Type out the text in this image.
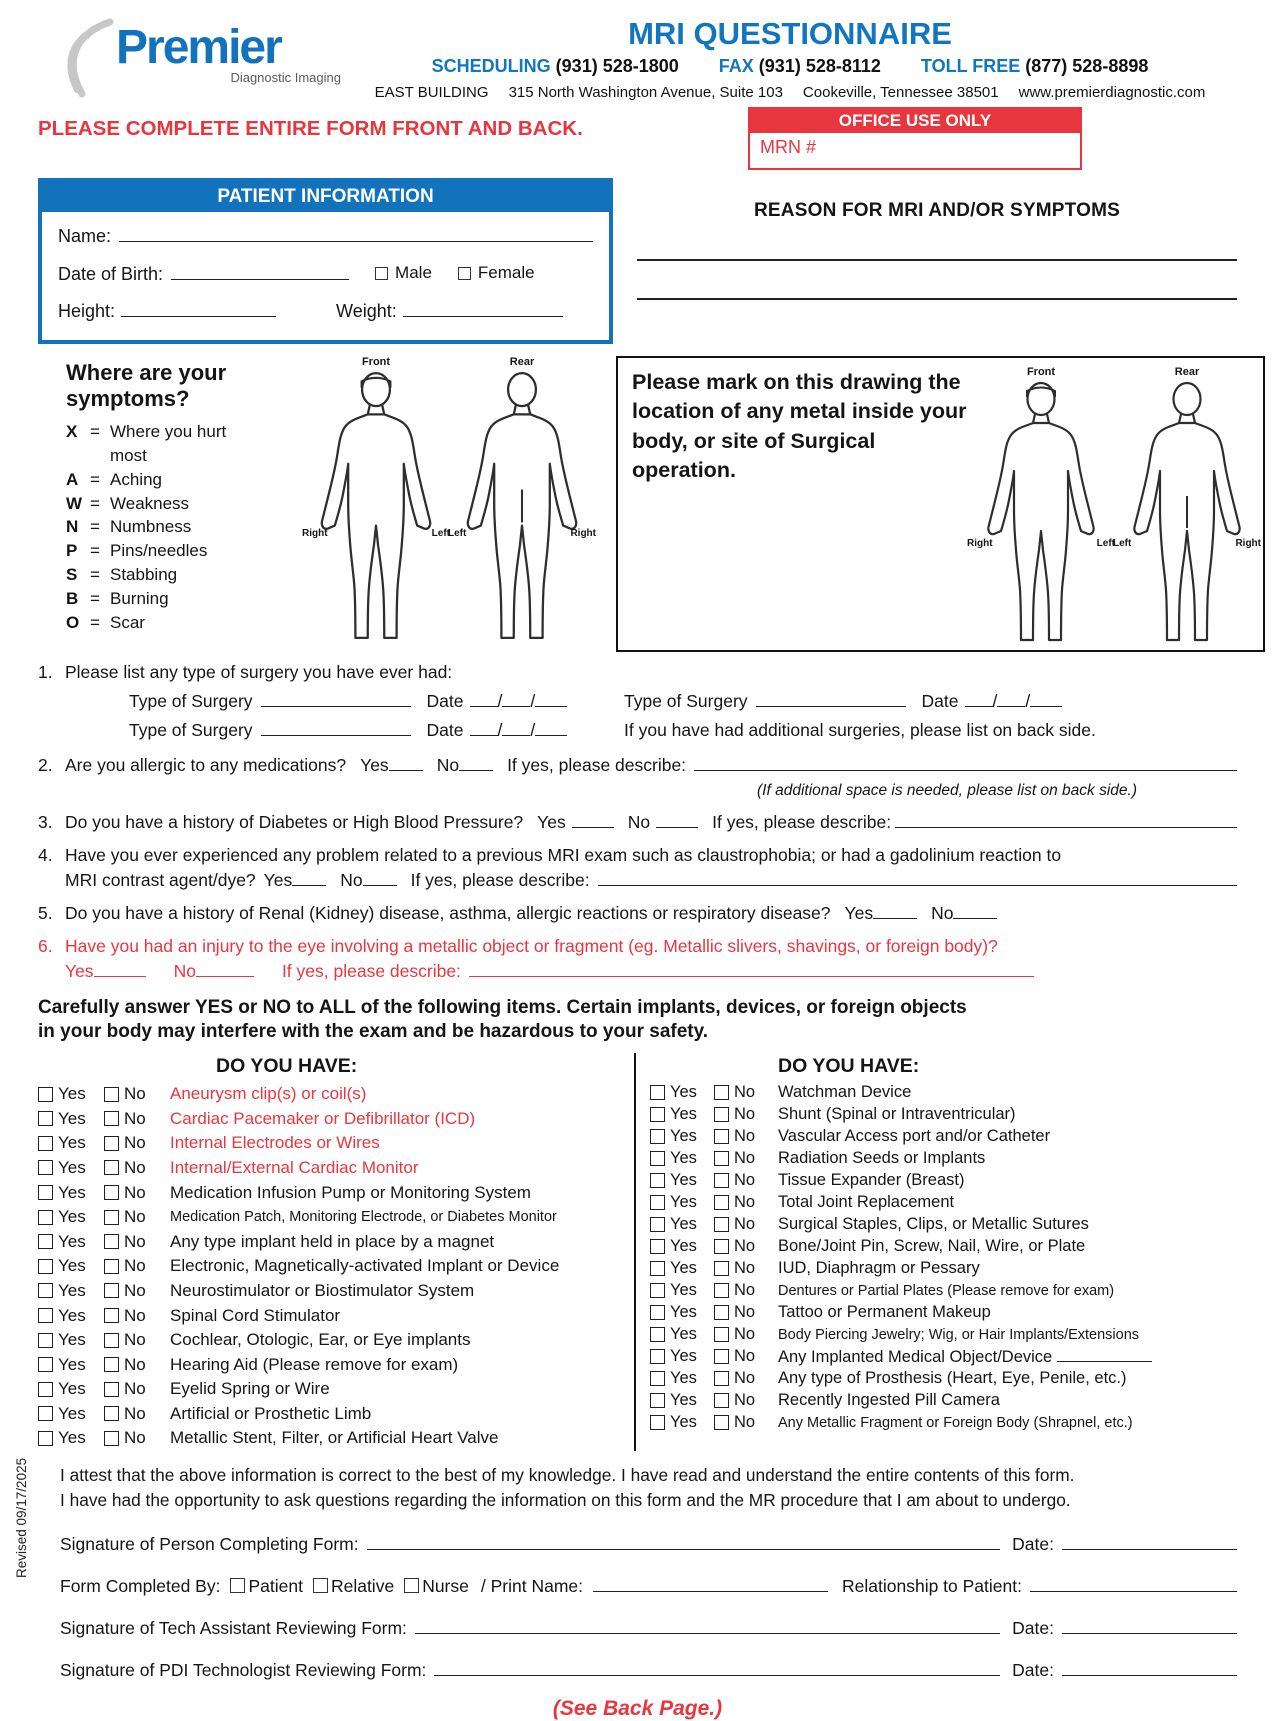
Revised 09/17/2025
Premier
Diagnostic Imaging
MRI QUESTIONNAIRE
SCHEDULING (931) 528-1800 FAX (931) 528-8112 TOLL FREE (877) 528-8898
EAST BUILDING 315 North Washington Avenue, Suite 103 Cookeville, Tennessee 38501 www.premierdiagnostic.com
PLEASE COMPLETE ENTIRE FORM FRONT AND BACK.	OFFICE USE ONLY
MRN #
PATIENT INFORMATION
Name:
Date of Birth:	Male	Female
Height:	Weight:
REASON FOR MRI AND/OR SYMPTOMS
Where are your symptoms?
X = Where you hurt most
A = Aching
W = Weakness
N = Numbness
P = Pins/needles
S = Stabbing
B = Burning
O = Scar
Front
Right	Left
Rear
Left	Right
Please mark on this drawing the location of any metal inside your body, or site of Surgical operation.
Front
Right	Left
Rear
Left	Right
1. Please list any type of surgery you have ever had:
Type of Surgery	Date / /	Type of Surgery	Date / /
Type of Surgery	Date / /	If you have had additional surgeries, please list on back side.
2. Are you allergic to any medications? Yes	No	If yes, please describe:
(If additional space is needed, please list on back side.)
3. Do you have a history of Diabetes or High Blood Pressure? Yes	No	If yes, please describe:
4. Have you ever experienced any problem related to a previous MRI exam such as claustrophobia; or had a gadolinium reaction to
MRI contrast agent/dye? Yes	No	If yes, please describe:
5. Do you have a history of Renal (Kidney) disease, asthma, allergic reactions or respiratory disease? Yes	No
6. Have you had an injury to the eye involving a metallic object or fragment (eg. Metallic slivers, shavings, or foreign body)?
Yes	No	If yes, please describe:
Carefully answer YES or NO to ALL of the following items. Certain implants, devices, or foreign objects
in your body may interfere with the exam and be hazardous to your safety.
DO YOU HAVE:
Yes No Aneurysm clip(s) or coil(s)
Yes No Cardiac Pacemaker or Defibrillator (ICD)
Yes No Internal Electrodes or Wires
Yes No Internal/External Cardiac Monitor
Yes No Medication Infusion Pump or Monitoring System
Yes No Medication Patch, Monitoring Electrode, or Diabetes Monitor
Yes No Any type implant held in place by a magnet
Yes No Electronic, Magnetically-activated Implant or Device
Yes No Neurostimulator or Biostimulator System
Yes No Spinal Cord Stimulator
Yes No Cochlear, Otologic, Ear, or Eye implants
Yes No Hearing Aid (Please remove for exam)
Yes No Eyelid Spring or Wire
Yes No Artificial or Prosthetic Limb
Yes No Metallic Stent, Filter, or Artificial Heart Valve
DO YOU HAVE:
Yes No Watchman Device
Yes No Shunt (Spinal or Intraventricular)
Yes No Vascular Access port and/or Catheter
Yes No Radiation Seeds or Implants
Yes No Tissue Expander (Breast)
Yes No Total Joint Replacement
Yes No Surgical Staples, Clips, or Metallic Sutures
Yes No Bone/Joint Pin, Screw, Nail, Wire, or Plate
Yes No IUD, Diaphragm or Pessary
Yes No Dentures or Partial Plates (Please remove for exam)
Yes No Tattoo or Permanent Makeup
Yes No Body Piercing Jewelry; Wig, or Hair Implants/Extensions
Yes No Any Implanted Medical Object/Device
Yes No Any type of Prosthesis (Heart, Eye, Penile, etc.)
Yes No Recently Ingested Pill Camera
Yes No Any Metallic Fragment or Foreign Body (Shrapnel, etc.)
I attest that the above information is correct to the best of my knowledge. I have read and understand the entire contents of this form.
I have had the opportunity to ask questions regarding the information on this form and the MR procedure that I am about to undergo.
Signature of Person Completing Form:	Date:
Form Completed By: Patient Relative Nurse / Print Name:	Relationship to Patient:
Signature of Tech Assistant Reviewing Form:	Date:
Signature of PDI Technologist Reviewing Form:	Date:
(See Back Page.)
